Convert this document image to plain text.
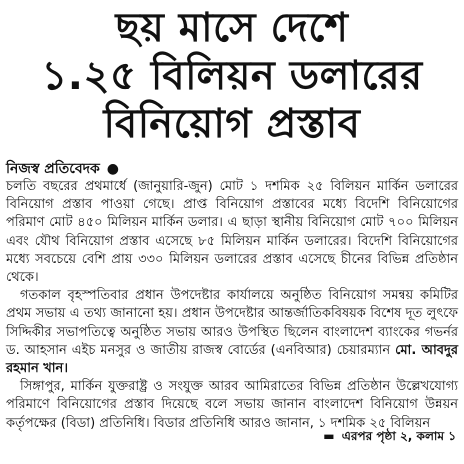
ছয় মাসে দেশে
১.২৫ বিলিয়ন ডলারের
বিনিয়োগ প্রস্তাব
নিজস্ব প্রতিবেদক ●

চলতি বছরের প্রথমার্ধে (জানুয়ারি-জুন) মোট ১ দশমিক ২৫ বিলিয়ন মার্কিন ডলারের বিনিয়োগ প্রস্তাব পাওয়া গেছে। প্রাপ্ত বিনিয়োগ প্রস্তাবের মধ্যে বিদেশি বিনিয়োগের পরিমাণ মোট ৪৫০ মিলিয়ন মার্কিন ডলার। এ ছাড়া স্থানীয় বিনিয়োগ মোট ৭০০ মিলিয়ন এবং যৌথ বিনিয়োগ প্রস্তাব এসেছে ৮৫ মিলিয়ন মার্কিন ডলারের। বিদেশি বিনিয়োগের মধ্যে সবচেয়ে বেশি প্রায় ৩৩০ মিলিয়ন ডলারের প্রস্তাব এসেছে চীনের বিভিন্ন প্রতিষ্ঠান থেকে।

গতকাল বৃহস্পতিবার প্রধান উপদেষ্টার কার্যালয়ে অনুষ্ঠিত বিনিয়োগ সমন্বয় কমিটির প্রথম সভায় এ তথ্য জানানো হয়। প্রধান উপদেষ্টার আন্তর্জাতিকবিষয়ক বিশেষ দূত লুৎফে সিদ্দিকীর সভাপতিত্বে অনুষ্ঠিত সভায় আরও উপস্থিত ছিলেন বাংলাদেশ ব্যাংকের গভর্নর ড. আহসান এইচ মনসুর ও জাতীয় রাজস্ব বোর্ডের (এনবিআর) চেয়ারম্যান মো. আবদুর রহমান খান।

সিঙ্গাপুর, মার্কিন যুক্তরাষ্ট্র ও সংযুক্ত আরব আমিরাতের বিভিন্ন প্রতিষ্ঠান উল্লেখযোগ্য পরিমাণে বিনিয়োগের প্রস্তাব দিয়েছে বলে সভায় জানান বাংলাদেশ বিনিয়োগ উন্নয়ন কর্তৃপক্ষের (বিডা) প্রতিনিধি। বিডার প্রতিনিধি আরও জানান, ১ দশমিক ২৫ বিলিয়ন

▬ এরপর পৃষ্ঠা ২, কলাম ১
